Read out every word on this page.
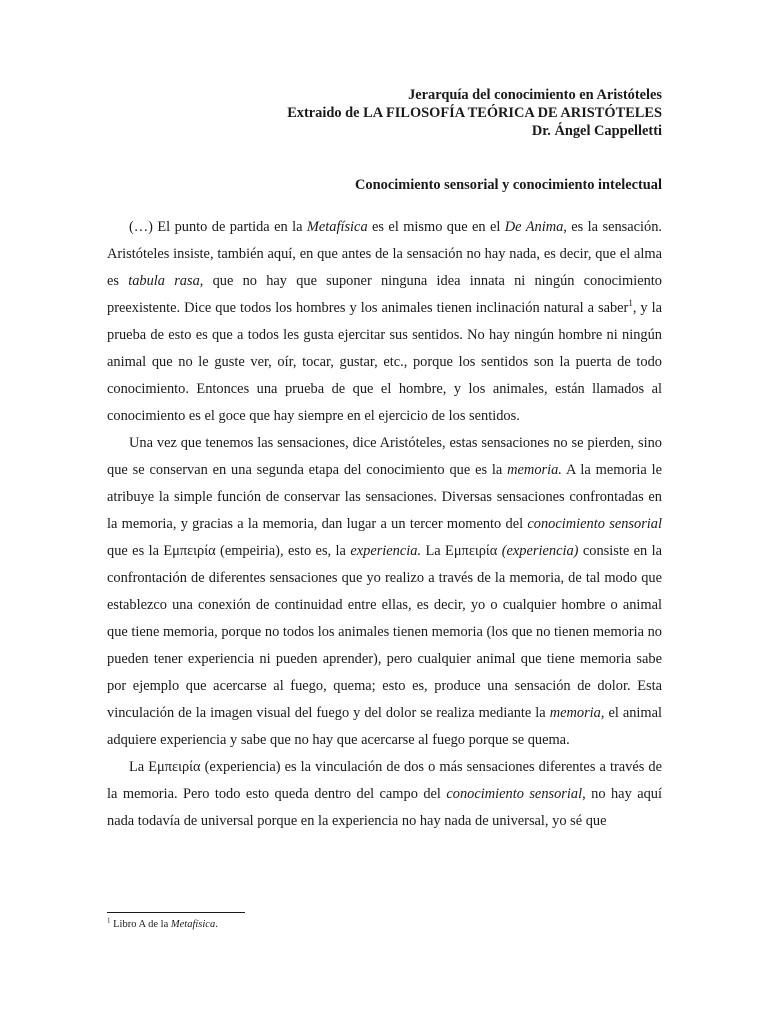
Jerarquía del conocimiento en Aristóteles
Extraido de LA FILOSOFÍA TEÓRICA DE ARISTÓTELES
Dr. Ángel Cappelletti
Conocimiento sensorial y conocimiento intelectual

(…) El punto de partida en la Metafísica es el mismo que en el De Anima, es la sensación. Aristóteles insiste, también aquí, en que antes de la sensación no hay nada, es decir, que el alma es tabula rasa, que no hay que suponer ninguna idea innata ni ningún conocimiento preexistente. Dice que todos los hombres y los animales tienen inclinación natural a saber$^1$, y la prueba de esto es que a todos les gusta ejercitar sus sentidos. No hay ningún hombre ni ningún animal que no le guste ver, oír, tocar, gustar, etc., porque los sentidos son la puerta de todo conocimiento. Entonces una prueba de que el hombre, y los animales, están llamados al conocimiento es el goce que hay siempre en el ejercicio de los sentidos.

Una vez que tenemos las sensaciones, dice Aristóteles, estas sensaciones no se pierden, sino que se conservan en una segunda etapa del conocimiento que es la memoria. A la memoria le atribuye la simple función de conservar las sensaciones. Diversas sensaciones confrontadas en la memoria, y gracias a la memoria, dan lugar a un tercer momento del conocimiento sensorial que es la Εμπειρία (empeiria), esto es, la experiencia. La Εμπειρία (experiencia) consiste en la confrontación de diferentes sensaciones que yo realizo a través de la memoria, de tal modo que establezco una conexión de continuidad entre ellas, es decir, yo o cualquier hombre o animal que tiene memoria, porque no todos los animales tienen memoria (los que no tienen memoria no pueden tener experiencia ni pueden aprender), pero cualquier animal que tiene memoria sabe por ejemplo que acercarse al fuego, quema; esto es, produce una sensación de dolor. Esta vinculación de la imagen visual del fuego y del dolor se realiza mediante la memoria, el animal adquiere experiencia y sabe que no hay que acercarse al fuego porque se quema.

La Εμπειρία (experiencia) es la vinculación de dos o más sensaciones diferentes a través de la memoria. Pero todo esto queda dentro del campo del conocimiento sensorial, no hay aquí nada todavía de universal porque en la experiencia no hay nada de universal, yo sé que

$^1$ Libro A de la Metafísica.
